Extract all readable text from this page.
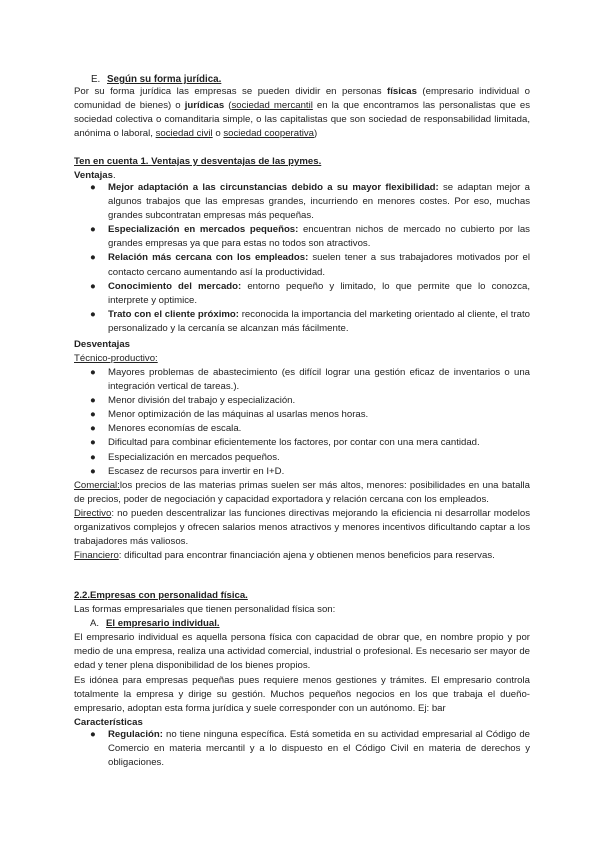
E. Según su forma jurídica.

Por su forma jurídica las empresas se pueden dividir en personas físicas (empresario individual o comunidad de bienes) o jurídicas (sociedad mercantil en la que encontramos las personalistas que es sociedad colectiva o comanditaria simple, o las capitalistas que son sociedad de responsabilidad limitada, anónima o laboral, sociedad civil o sociedad cooperativa)

Ten en cuenta 1. Ventajas y desventajas de las pymes.

Ventajas.

● Mejor adaptación a las circunstancias debido a su mayor flexibilidad: se adaptan mejor a algunos trabajos que las empresas grandes, incurriendo en menores costes. Por eso, muchas grandes subcontratan empresas más pequeñas.
● Especialización en mercados pequeños: encuentran nichos de mercado no cubierto por las grandes empresas ya que para estas no todos son atractivos.
● Relación más cercana con los empleados: suelen tener a sus trabajadores motivados por el contacto cercano aumentando así la productividad.
● Conocimiento del mercado: entorno pequeño y limitado, lo que permite que lo conozca, interprete y optimice.
● Trato con el cliente próximo: reconocida la importancia del marketing orientado al cliente, el trato personalizado y la cercanía se alcanzan más fácilmente.

Desventajas

Técnico-productivo:

● Mayores problemas de abastecimiento (es difícil lograr una gestión eficaz de inventarios o una integración vertical de tareas.).
● Menor división del trabajo y especialización.
● Menor optimización de las máquinas al usarlas menos horas.
● Menores economías de escala.
● Dificultad para combinar eficientemente los factores, por contar con una mera cantidad.
● Especialización en mercados pequeños.
● Escasez de recursos para invertir en I+D.

Comercial:los precios de las materias primas suelen ser más altos, menores: posibilidades en una batalla de precios, poder de negociación y capacidad exportadora y relación cercana con los empleados.

Directivo: no pueden descentralizar las funciones directivas mejorando la eficiencia ni desarrollar modelos organizativos complejos y ofrecen salarios menos atractivos y menores incentivos dificultando captar a los trabajadores más valiosos.

Financiero: dificultad para encontrar financiación ajena y obtienen menos beneficios para reservas.

2.2.Empresas con personalidad física.

Las formas empresariales que tienen personalidad física son:

A. El empresario individual.

El empresario individual es aquella persona física con capacidad de obrar que, en nombre propio y por medio de una empresa, realiza una actividad comercial, industrial o profesional. Es necesario ser mayor de edad y tener plena disponibilidad de los bienes propios.

Es idónea para empresas pequeñas pues requiere menos gestiones y trámites. El empresario controla totalmente la empresa y dirige su gestión. Muchos pequeños negocios en los que trabaja el dueño-empresario, adoptan esta forma jurídica y suele corresponder con un autónomo. Ej: bar

Características

● Regulación: no tiene ninguna específica. Está sometida en su actividad empresarial al Código de Comercio en materia mercantil y a lo dispuesto en el Código Civil en materia de derechos y obligaciones.
